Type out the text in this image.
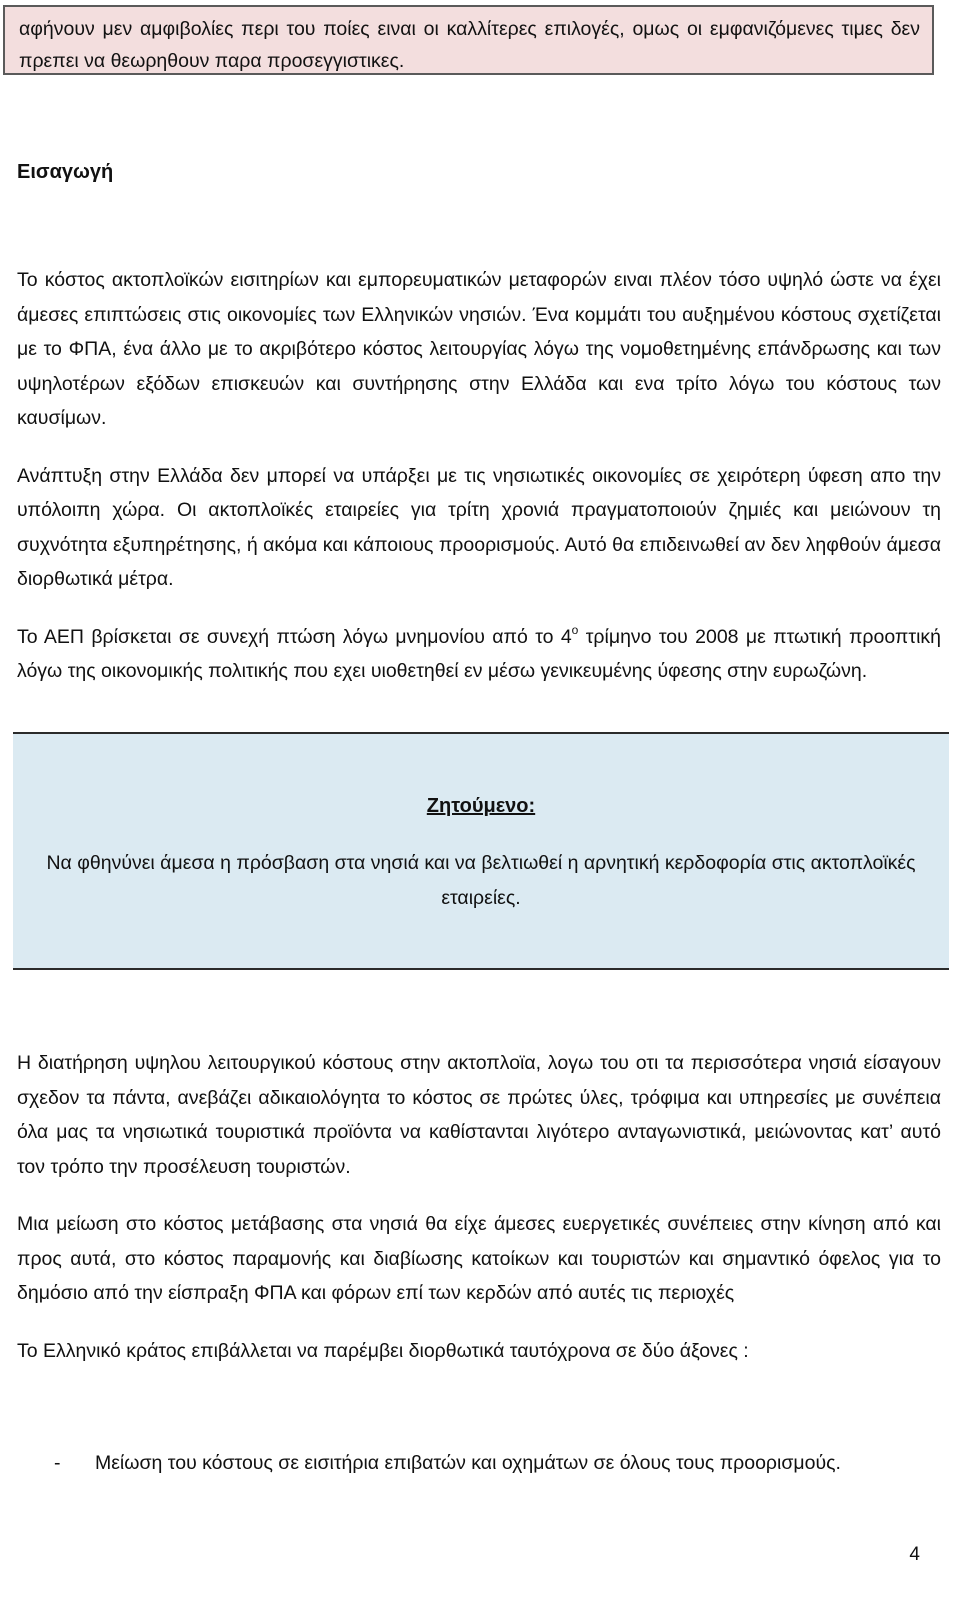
αφήνουν μεν αμφιβολίες περι του ποίες ειναι οι καλλίτερες επιλογές, ομως οι εμφανιζόμενες τιμες δεν πρεπει να θεωρηθουν παρα προσεγγιστικες.
Εισαγωγή

Το κόστος ακτοπλοϊκών εισιτηρίων και εμπορευματικών μεταφορών ειναι πλέον τόσο υψηλό ώστε να έχει άμεσες επιπτώσεις στις οικονομίες των Ελληνικών νησιών. Ένα κομμάτι του αυξημένου κόστους σχετίζεται με το ΦΠΑ, ένα άλλο με το ακριβότερο κόστος λειτουργίας λόγω της νομοθετημένης επάνδρωσης και των υψηλοτέρων εξόδων επισκευών και συντήρησης στην Ελλάδα και ενα τρίτο λόγω του κόστους των καυσίμων.

Ανάπτυξη στην Ελλάδα δεν μπορεί να υπάρξει με τις νησιωτικές οικονομίες σε χειρότερη ύφεση απο την υπόλοιπη χώρα. Οι ακτοπλοϊκές εταιρείες για τρίτη χρονιά πραγματοποιούν ζημιές και μειώνουν τη συχνότητα εξυπηρέτησης, ή ακόμα και κάποιους προορισμούς. Αυτό θα επιδεινωθεί αν δεν ληφθούν άμεσα διορθωτικά μέτρα.

Το ΑΕΠ βρίσκεται σε συνεχή πτώση λόγω μνημονίου από το $4^o$ τρίμηνο του 2008 με πτωτική προοπτική λόγω της οικονομικής πολιτικής που εχει υιοθετηθεί εν μέσω γενικευμένης ύφεσης στην ευρωζώνη.

Ζητούμενο:
Να φθηνύνει άμεσα η πρόσβαση στα νησιά και να βελτιωθεί η αρνητική κερδοφορία στις ακτοπλοϊκές εταιρείες.

Η διατήρηση υψηλου λειτουργικού κόστους στην ακτοπλοϊα, λογω του οτι τα περισσότερα νησιά είσαγουν σχεδον τα πάντα, ανεβάζει αδικαιολόγητα το κόστος σε πρώτες ύλες, τρόφιμα και υπηρεσίες με συνέπεια όλα μας τα νησιωτικά τουριστικά προϊόντα να καθίστανται λιγότερο ανταγωνιστικά, μειώνοντας κατ’ αυτό τον τρόπο την προσέλευση τουριστών.

Μια μείωση στο κόστος μετάβασης στα νησιά θα είχε άμεσες ευεργετικές συνέπειες στην κίνηση από και προς αυτά, στο κόστος παραμονής και διαβίωσης κατοίκων και τουριστών και σημαντικό όφελος για το δημόσιο από την είσπραξη ΦΠΑ και φόρων επί των κερδών από αυτές τις περιοχές

Το Ελληνικό κράτος επιβάλλεται να παρέμβει διορθωτικά ταυτόχρονα σε δύο άξονες :

- Μείωση του κόστους σε εισιτήρια επιβατών και οχημάτων σε όλους τους προορισμούς.
4
